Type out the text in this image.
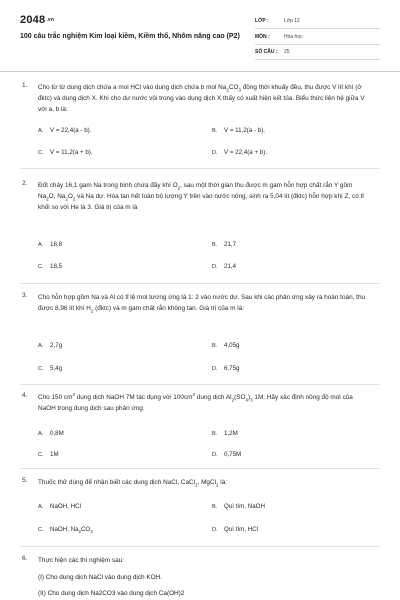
2048.vn
100 câu trắc nghiệm Kim loại kiềm, Kiềm thổ, Nhôm nâng cao (P2)
LỚP :	Lớp 12
MÔN :	Hóa học
SỐ CÂU : 25
1. Cho từ từ dung dịch chứa a mol HCl vào dung dịch chứa b mol $Na_2CO_3$ đồng thời khuấy đều, thu được V lít khí (ở đktc) và dung dịch X. Khi cho dư nước vôi trong vào dung dịch X thấy có xuất hiện kết tủa. Biểu thức liên hệ giữa V với a, b là:
A. V = 22,4(a - b).	B. V = 11,2(a - b).
C. V = 11,2(a + b).	D. V = 22,4(a + b).
2. Đốt cháy 16,1 gam Na trong bình chứa đầy khí $O_2$, sau một thời gian thu được m gam hỗn hợp chất rắn Y gồm $Na_2O$, $Na_2O_2$ và Na dư. Hòa tan hết toàn bộ lượng Y trên vào nước nóng, sinh ra 5,04 lít (đktc) hỗn hợp khí Z, có tỉ khối so với He là 3. Giá trị của m là
A. 18,8	B. 21,7
C. 18,5	D. 21,4
3. Cho hỗn hợp gồm Na và Al có tỉ lệ mol tương ứng là 1: 2 vào nước dư. Sau khi các phản ứng xảy ra hoàn toàn, thu được 8,96 lít khí $H_2$ (đktc) và m gam chất rắn không tan. Giá trị của m là:
A. 2,7g	B. 4,05g
C. 5,4g	D. 6,75g
4. Cho 150 $cm^3$ dung dịch NaOH 7M tác dụng với $100cm^3$ dung dịch $Al_2(SO_4)_3$ 1M. Hãy xác định nồng độ mol của NaOH trong dung dịch sau phản ứng.
A. 0,8M	B. 1,2M
C. 1M	D. 0,75M
5. Thuốc thử dùng để nhận biết các dung dịch NaCl, CaCl$_2$, MgCl$_2$ là:
A. NaOH, HCl	B. Quì tím, NaOH
C. NaOH, $Na_2CO_3$	D. Quì tím, HCl
6. Thực hiện các thí nghiệm sau:
(I) Cho dung dịch NaCl vào dung dịch KOH.
(II) Cho dung dịch Na2CO3 vào dung dịch Ca(OH)2
